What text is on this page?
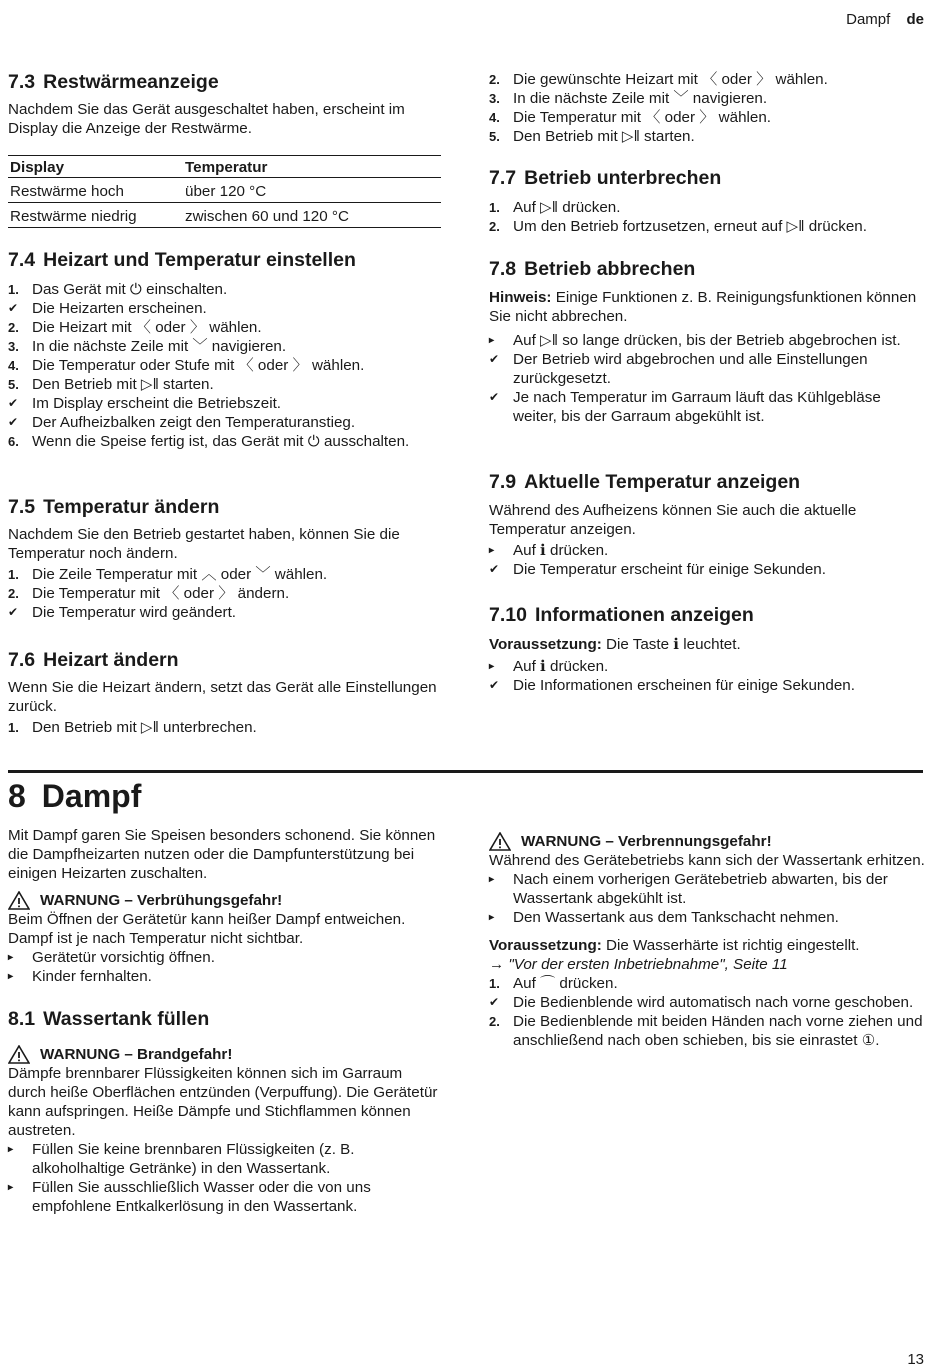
Dampf de
7.3 Restwärmeanzeige

Nachdem Sie das Gerät ausgeschaltet haben, erscheint im Display die Anzeige der Restwärme.

Display	Temperatur
Restwärme hoch	über 120 °C
Restwärme niedrig	zwischen 60 und 120 °C
7.4 Heizart und Temperatur einstellen
1. Das Gerät mit ⏻ einschalten.
✔ Die Heizarten erscheinen.
2. Die Heizart mit 〈 oder 〉 wählen.
3. In die nächste Zeile mit ﹀ navigieren.
4. Die Temperatur oder Stufe mit 〈 oder 〉 wählen.
5. Den Betrieb mit ▷‖ starten.
✔ Im Display erscheint die Betriebszeit.
✔ Der Aufheizbalken zeigt den Temperaturanstieg.
6. Wenn die Speise fertig ist, das Gerät mit ⏻ ausschalten.
7.5 Temperatur ändern

Nachdem Sie den Betrieb gestartet haben, können Sie die Temperatur noch ändern.

1. Die Zeile Temperatur mit ︿ oder ﹀ wählen.
2. Die Temperatur mit 〈 oder 〉 ändern.
✔ Die Temperatur wird geändert.
7.6 Heizart ändern

Wenn Sie die Heizart ändern, setzt das Gerät alle Einstellungen zurück.

1. Den Betrieb mit ▷‖ unterbrechen.
2. Die gewünschte Heizart mit 〈 oder 〉 wählen.
3. In die nächste Zeile mit ﹀ navigieren.
4. Die Temperatur mit 〈 oder 〉 wählen.
5. Den Betrieb mit ▷‖ starten.
7.7 Betrieb unterbrechen
1. Auf ▷‖ drücken.
2. Um den Betrieb fortzusetzen, erneut auf ▷‖ drücken.
7.8 Betrieb abbrechen

Hinweis: Einige Funktionen z. B. Reinigungsfunktionen können Sie nicht abbrechen.

▸	Auf ▷‖ so lange drücken, bis der Betrieb abgebrochen ist.
✔ Der Betrieb wird abgebrochen und alle Einstellungen zurückgesetzt.
✔ Je nach Temperatur im Garraum läuft das Kühlgebläse weiter, bis der Garraum abgekühlt ist.
7.9 Aktuelle Temperatur anzeigen

Während des Aufheizens können Sie auch die aktuelle Temperatur anzeigen.

▸	Auf ℹ drücken.
✔ Die Temperatur erscheint für einige Sekunden.
7.10 Informationen anzeigen

Voraussetzung: Die Taste ℹ leuchtet.

▸	Auf ℹ drücken.
✔ Die Informationen erscheinen für einige Sekunden.
8 Dampf

Mit Dampf garen Sie Speisen besonders schonend. Sie können die Dampfheizarten nutzen oder die Dampfunterstützung bei einigen Heizarten zuschalten.

WARNUNG – Verbrühungsgefahr!

Beim Öffnen der Gerätetür kann heißer Dampf entweichen. Dampf ist je nach Temperatur nicht sichtbar.

▸	Gerätetür vorsichtig öffnen.
▸	Kinder fernhalten.
8.1 Wassertank füllen
WARNUNG – Brandgefahr!

Dämpfe brennbarer Flüssigkeiten können sich im Garraum durch heiße Oberflächen entzünden (Verpuffung). Die Gerätetür kann aufspringen. Heiße Dämpfe und Stichflammen können austreten.

▸	Füllen Sie keine brennbaren Flüssigkeiten (z. B. alkoholhaltige Getränke) in den Wassertank.
▸	Füllen Sie ausschließlich Wasser oder die von uns empfohlene Entkalkerlösung in den Wassertank.
WARNUNG – Verbrennungsgefahr!

Während des Gerätebetriebs kann sich der Wassertank erhitzen.

▸	Nach einem vorherigen Gerätebetrieb abwarten, bis der Wassertank abgekühlt ist.
▸	Den Wassertank aus dem Tankschacht nehmen.

Voraussetzung: Die Wasserhärte ist richtig eingestellt.

→ "Vor der ersten Inbetriebnahme", Seite 11

1. Auf ⌒ drücken.
✔ Die Bedienblende wird automatisch nach vorne geschoben.
2. Die Bedienblende mit beiden Händen nach vorne ziehen und anschließend nach oben schieben, bis sie einrastet ①.
13
